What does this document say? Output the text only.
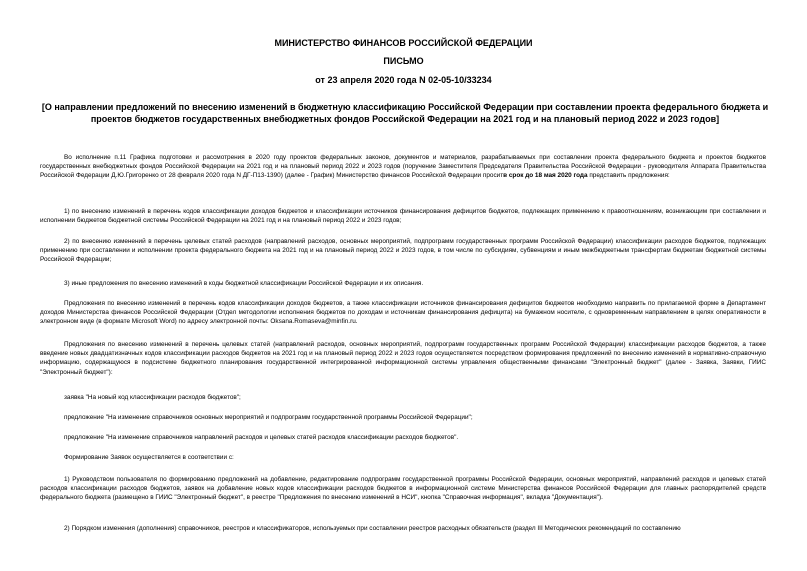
МИНИСТЕРСТВО ФИНАНСОВ РОССИЙСКОЙ ФЕДЕРАЦИИ

ПИСЬМО

от 23 апреля 2020 года N 02-05-10/33234

[О направлении предложений по внесению изменений в бюджетную классификацию Российской Федерации при составлении проекта федерального бюджета и проектов бюджетов государственных внебюджетных фондов Российской Федерации на 2021 год и на плановый период 2022 и 2023 годов]

Во исполнение п.11 Графика подготовки и рассмотрения в 2020 году проектов федеральных законов, документов и материалов, разрабатываемых при составлении проекта федерального бюджета и проектов бюджетов государственных внебюджетных фондов Российской Федерации на 2021 год и на плановый период 2022 и 2023 годов (поручение Заместителя Председателя Правительства Российской Федерации - руководителя Аппарата Правительства Российской Федерации Д.Ю.Григоренко от 28 февраля 2020 года N ДГ-П13-1390) (далее - График) Министерство финансов Российской Федерации проситв срок до 18 мая 2020 года представить предложения:

1) по внесению изменений в перечень кодов классификации доходов бюджетов и классификации источников финансирования дефицитов бюджетов, подлежащих применению к правоотношениям, возникающим при составлении и исполнении бюджетов бюджетной системы Российской Федерации на 2021 год и на плановый период 2022 и 2023 годов;

2) по внесению изменений в перечень целевых статей расходов (направлений расходов, основных мероприятий, подпрограмм государственных программ Российской Федерации) классификации расходов бюджетов, подлежащих применению при составлении и исполнении проекта федерального бюджета на 2021 год и на плановый период 2022 и 2023 годов, в том числе по субсидиям, субвенциям и иным межбюджетным трансфертам бюджетам бюджетной системы Российской Федерации;

3) иные предложения по внесению изменений в коды бюджетной классификации Российской Федерации и их описания.

Предложения по внесению изменений в перечень кодов классификации доходов бюджетов, а также классификации источников финансирования дефицитов бюджетов необходимо направить по прилагаемой форме в Департамент доходов Министерства финансов Российской Федерации (Отдел методологии исполнения бюджетов по доходам и источникам финансирования дефицита) на бумажном носителе, с одновременным направлением в целях оперативности в электронном виде (в формате Microsoft Word) по адресу электронной почты: Oksana.Romaseva@minfin.ru.

Предложения по внесению изменений в перечень целевых статей (направлений расходов, основных мероприятий, подпрограмм государственных программ Российской Федерации) классификации расходов бюджетов, а также введение новых двадцатизначных кодов классификации расходов бюджетов на 2021 год и на плановый период 2022 и 2023 годов осуществляется посредством формирования предложений по внесению изменений в нормативно-справочную информацию, содержащуюся в подсистеме бюджетного планирования государственной интегрированной информационной системы управления общественными финансами "Электронный бюджет" (далее - Заявка, Заявки, ГИИС "Электронный бюджет"):

заявка "На новый код классификации расходов бюджетов";

предложение "На изменение справочников основных мероприятий и подпрограмм государственной программы Российской Федерации";

предложение "На изменение справочников направлений расходов и целевых статей расходов классификации расходов бюджетов".

Формирование Заявок осуществляется в соответствии с:

1) Руководством пользователя по формированию предложений на добавление, редактирование подпрограмм государственной программы Российской Федерации, основных мероприятий, направлений расходов и целевых статей расходов классификации расходов бюджетов, заявок на добавление новых кодов классификации расходов бюджетов в информационной системе Министерства финансов Российской Федерации для главных распорядителей средств федерального бюджета (размещено в ГИИС "Электронный бюджет", в реестре "Предложения по внесению изменений в НСИ", кнопка "Справочная информация", вкладка "Документация").

2) Порядком изменения (дополнения) справочников, реестров и классификаторов, используемых при составлении реестров расходных обязательств (раздел III Методических рекомендаций по составлению
